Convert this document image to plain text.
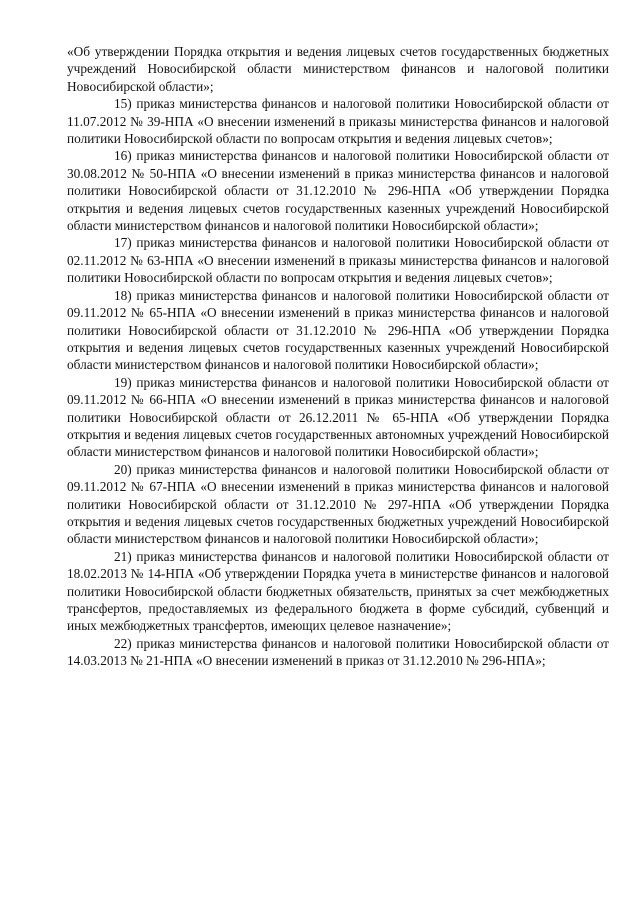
«Об утверждении Порядка открытия и ведения лицевых счетов государственных бюджетных учреждений Новосибирской области министерством финансов и налоговой политики Новосибирской области»;

15) приказ министерства финансов и налоговой политики Новосибирской области от 11.07.2012 № 39-НПА «О внесении изменений в приказы министерства финансов и налоговой политики Новосибирской области по вопросам открытия и ведения лицевых счетов»;

16) приказ министерства финансов и налоговой политики Новосибирской области от 30.08.2012 № 50-НПА «О внесении изменений в приказ министерства финансов и налоговой политики Новосибирской области от 31.12.2010 № 296-НПА «Об утверждении Порядка открытия и ведения лицевых счетов государственных казенных учреждений Новосибирской области министерством финансов и налоговой политики Новосибирской области»;

17) приказ министерства финансов и налоговой политики Новосибирской области от 02.11.2012 № 63-НПА «О внесении изменений в приказы министерства финансов и налоговой политики Новосибирской области по вопросам открытия и ведения лицевых счетов»;

18) приказ министерства финансов и налоговой политики Новосибирской области от 09.11.2012 № 65-НПА «О внесении изменений в приказ министерства финансов и налоговой политики Новосибирской области от 31.12.2010 № 296-НПА «Об утверждении Порядка открытия и ведения лицевых счетов государственных казенных учреждений Новосибирской области министерством финансов и налоговой политики Новосибирской области»;

19) приказ министерства финансов и налоговой политики Новосибирской области от 09.11.2012 № 66-НПА «О внесении изменений в приказ министерства финансов и налоговой политики Новосибирской области от 26.12.2011 № 65-НПА «Об утверждении Порядка открытия и ведения лицевых счетов государственных автономных учреждений Новосибирской области министерством финансов и налоговой политики Новосибирской области»;

20) приказ министерства финансов и налоговой политики Новосибирской области от 09.11.2012 № 67-НПА «О внесении изменений в приказ министерства финансов и налоговой политики Новосибирской области от 31.12.2010 № 297-НПА «Об утверждении Порядка открытия и ведения лицевых счетов государственных бюджетных учреждений Новосибирской области министерством финансов и налоговой политики Новосибирской области»;

21) приказ министерства финансов и налоговой политики Новосибирской области от 18.02.2013 № 14-НПА «Об утверждении Порядка учета в министерстве финансов и налоговой политики Новосибирской области бюджетных обязательств, принятых за счет межбюджетных трансфертов, предоставляемых из федерального бюджета в форме субсидий, субвенций и иных межбюджетных трансфертов, имеющих целевое назначение»;

22) приказ министерства финансов и налоговой политики Новосибирской области от 14.03.2013 № 21-НПА «О внесении изменений в приказ от 31.12.2010 № 296-НПА»;
